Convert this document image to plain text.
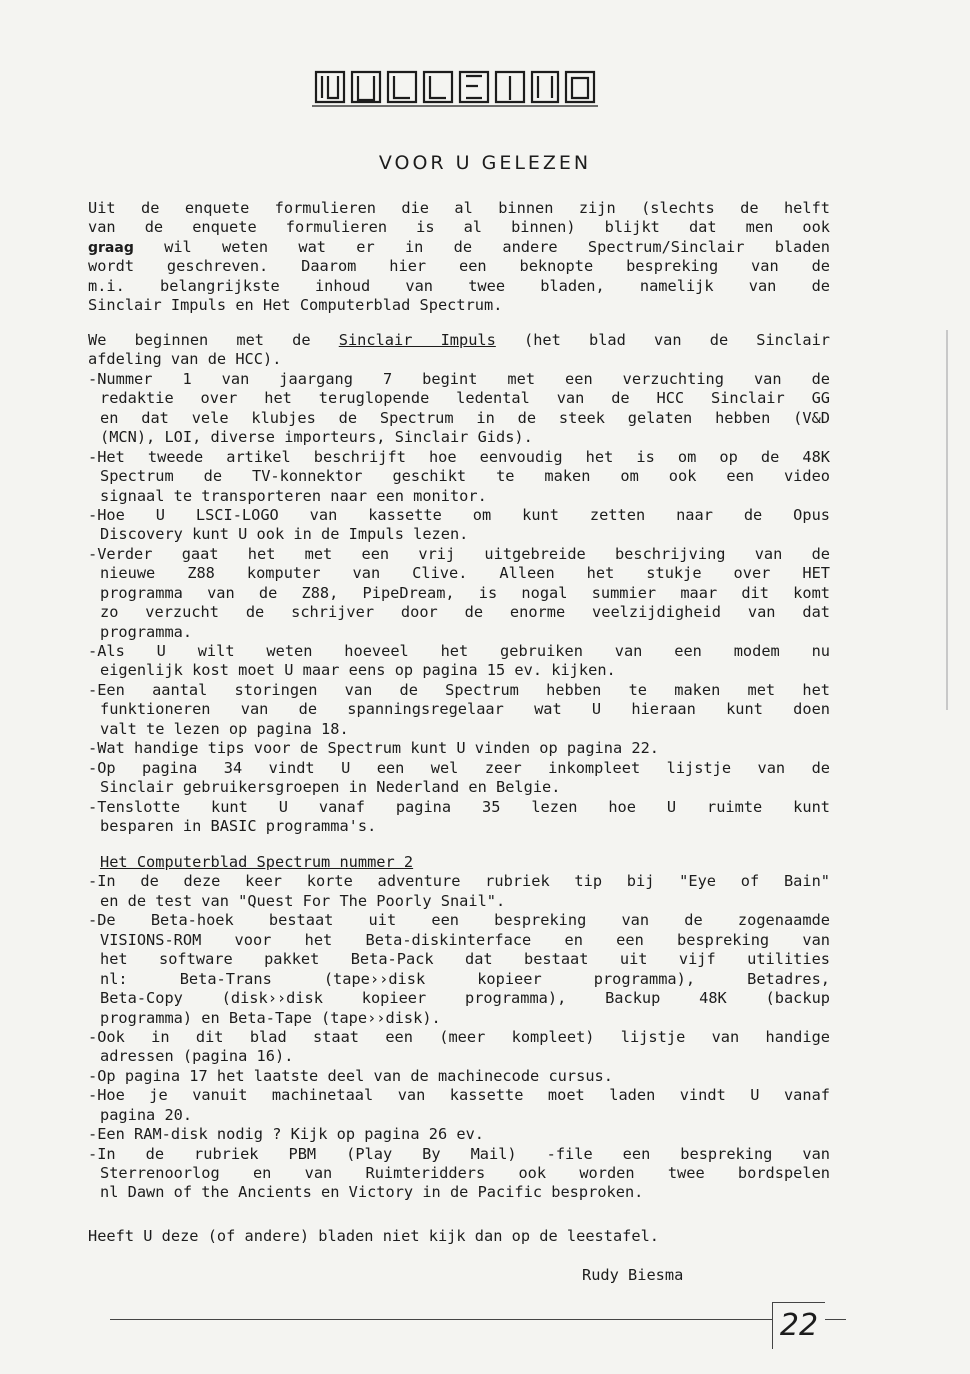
VOOR U GELEZEN
Uit de enquete formulieren die al binnen zijn (slechts de helft
van de enquete formulieren is al binnen) blijkt dat men ook
graag wil weten wat er in de andere Spectrum/Sinclair bladen
wordt geschreven. Daarom hier een beknopte bespreking van de
m.i. belangrijkste inhoud van twee bladen, namelijk van de
Sinclair Impuls en Het Computerblad Spectrum.
We beginnen met de Sinclair Impuls (het blad van de Sinclair
afdeling van de HCC).
-Nummer 1 van jaargang 7 begint met een verzuchting van de
redaktie over het teruglopende ledental van de HCC Sinclair GG
en dat vele klubjes de Spectrum in de steek gelaten hebben (V&D
(MCN), LOI, diverse importeurs, Sinclair Gids).
-Het tweede artikel beschrijft hoe eenvoudig het is om op de 48K
Spectrum de TV-konnektor geschikt te maken om ook een video
signaal te transporteren naar een monitor.
-Hoe U LSCI-LOGO van kassette om kunt zetten naar de Opus
Discovery kunt U ook in de Impuls lezen.
-Verder gaat het met een vrij uitgebreide beschrijving van de
nieuwe Z88 komputer van Clive. Alleen het stukje over HET
programma van de Z88, PipeDream, is nogal summier maar dit komt
zo verzucht de schrijver door de enorme veelzijdigheid van dat
programma.
-Als U wilt weten hoeveel het gebruiken van een modem nu
eigenlijk kost moet U maar eens op pagina 15 ev. kijken.
-Een aantal storingen van de Spectrum hebben te maken met het
funktioneren van de spanningsregelaar wat U hieraan kunt doen
valt te lezen op pagina 18.
-Wat handige tips voor de Spectrum kunt U vinden op pagina 22.
-Op pagina 34 vindt U een wel zeer inkompleet lijstje van de
Sinclair gebruikersgroepen in Nederland en Belgie.
-Tenslotte kunt U vanaf pagina 35 lezen hoe U ruimte kunt
besparen in BASIC programma's.
Het Computerblad Spectrum nummer 2
-In de deze keer korte adventure rubriek tip bij "Eye of Bain"
en de test van "Quest For The Poorly Snail".
-De Beta-hoek bestaat uit een bespreking van de zogenaamde
VISIONS-ROM voor het Beta-diskinterface en een bespreking van
het software pakket Beta-Pack dat bestaat uit vijf utilities
nl: Beta-Trans (tape››disk kopieer programma), Betadres,
Beta-Copy (disk››disk kopieer programma), Backup 48K (backup
programma) en Beta-Tape (tape››disk).
-Ook in dit blad staat een (meer kompleet) lijstje van handige
adressen (pagina 16).
-Op pagina 17 het laatste deel van de machinecode cursus.
-Hoe je vanuit machinetaal van kassette moet laden vindt U vanaf
pagina 20.
-Een RAM-disk nodig ? Kijk op pagina 26 ev.
-In de rubriek PBM (Play By Mail) -file een bespreking van
Sterrenoorlog en van Ruimteridders ook worden twee bordspelen
nl Dawn of the Ancients en Victory in de Pacific besproken.
Heeft U deze (of andere) bladen niet kijk dan op de leestafel.
Rudy Biesma
22
